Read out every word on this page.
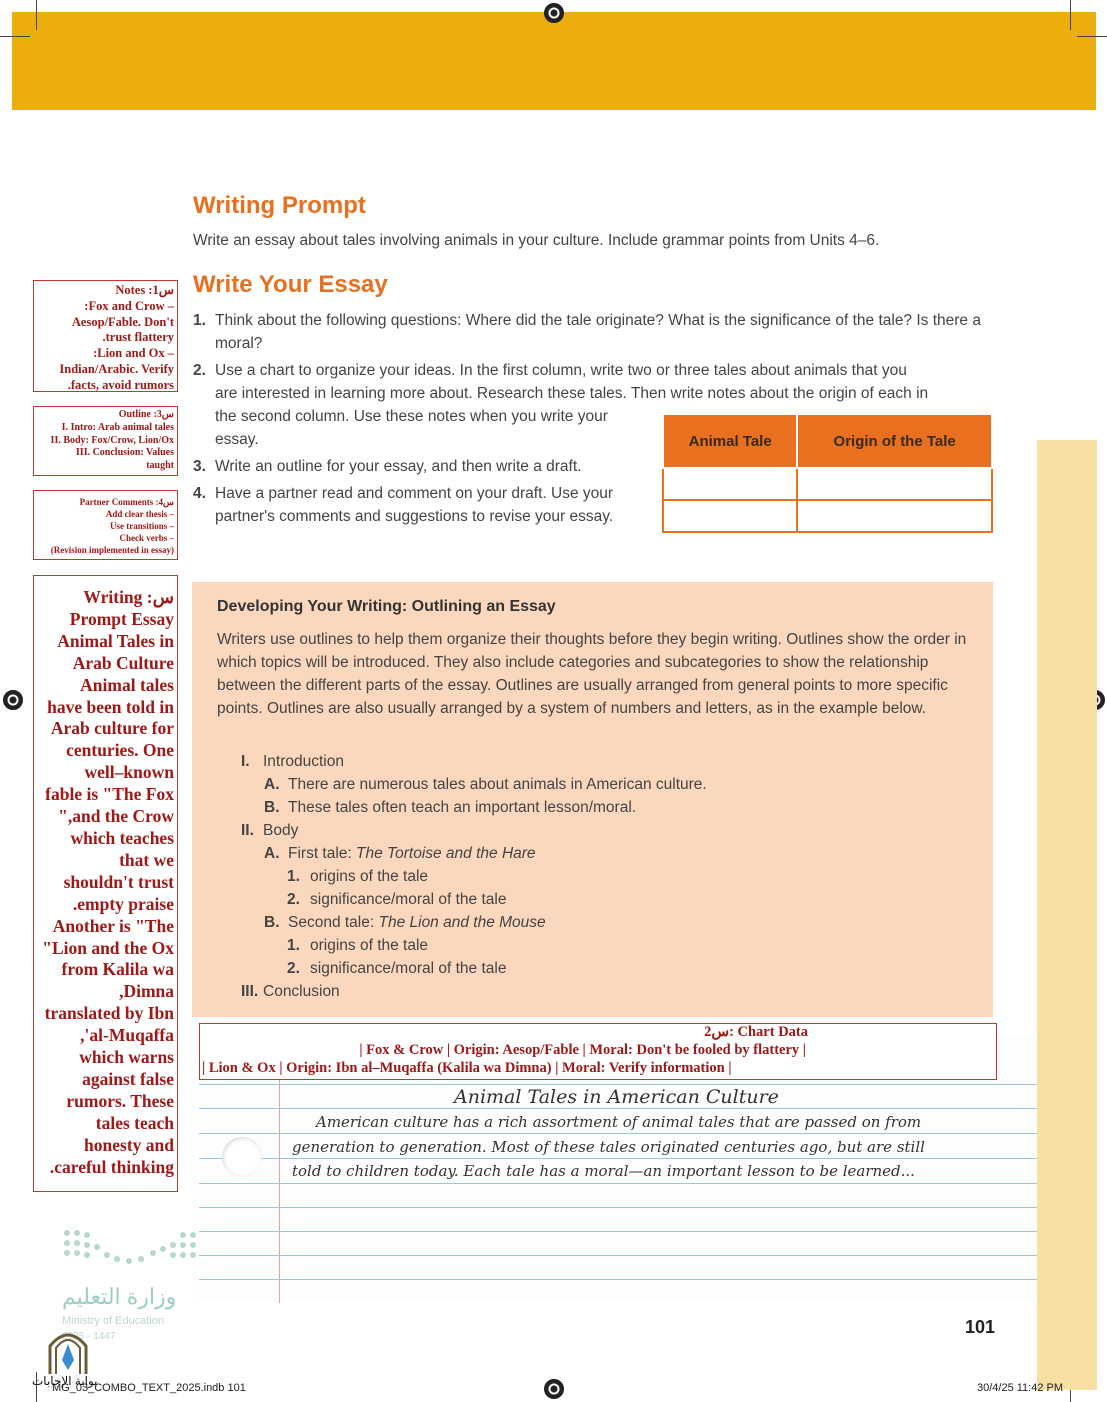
Writing Prompt
Write an essay about tales involving animals in your culture. Include grammar points from Units 4–6.
Write Your Essay
1. Think about the following questions: Where did the tale originate? What is the significance of the tale? Is there a moral?
2. Use a chart to organize your ideas. In the first column, write two or three tales about animals that you
are interested in learning more about. Research these tales. Then write notes about the origin of each in
the second column. Use these notes when you write your
essay.
3. Write an outline for your essay, and then write a draft.
4. Have a partner read and comment on your draft. Use your
partner's comments and suggestions to revise your essay.
Animal Tale	Origin of the Tale

Developing Your Writing: Outlining an Essay
Writers use outlines to help them organize their thoughts before they begin writing. Outlines show the order in which topics will be introduced. They also include categories and subcategories to show the relationship between the different parts of the essay. Outlines are usually arranged from general points to more specific points. Outlines are also usually arranged by a system of numbers and letters, as in the example below.
I. Introduction
A. There are numerous tales about animals in American culture.
B. These tales often teach an important lesson/moral.
II. Body
A. First tale: The Tortoise and the Hare
1. origins of the tale
2. significance/moral of the tale
B. Second tale: The Lion and the Mouse
1. origins of the tale
2. significance/moral of the tale
III. Conclusion
Animal Tales in American Culture
American culture has a rich assortment of animal tales that are passed on from
generation to generation. Most of these tales originated centuries ago, but are still
told to children today. Each tale has a moral—an important lesson to be learned...
س2: Chart Data
| Fox & Crow | Origin: Aesop/Fable | Moral: Don't be fooled by flattery |
| Lion & Ox | Origin: Ibn al–Muqaffa (Kalila wa Dimna) | Moral: Verify information |
س1: Notes
– Fox and Crow:
Aesop/Fable. Don't
trust flattery.
– Lion and Ox:
Indian/Arabic. Verify
facts, avoid rumors.
س3: Outline
I. Intro: Arab animal tales
II. Body: Fox/Crow, Lion/Ox
III. Conclusion: Values
taught
س4: Partner Comments
– Add clear thesis
– Use transitions
– Check verbs
(Revision implemented in essay)
س: Writing
Prompt Essay
Animal Tales in
Arab Culture
Animal tales
have been told in
Arab culture for
centuries. One
well–known
fable is "The Fox
and the Crow,"
which teaches
that we
shouldn't trust
empty praise.
Another is "The
Lion and the Ox"
from Kalila wa
Dimna,
translated by Ibn
al-Muqaffa',
which warns
against false
rumors. These
tales teach
honesty and
careful thinking.
وزارة التعليم
Ministry of Education
2025 - 1447	101
MG_03_COMBO_TEXT_2025.indb 101
بوابة الإجابات	30/4/25 11:42 PM
